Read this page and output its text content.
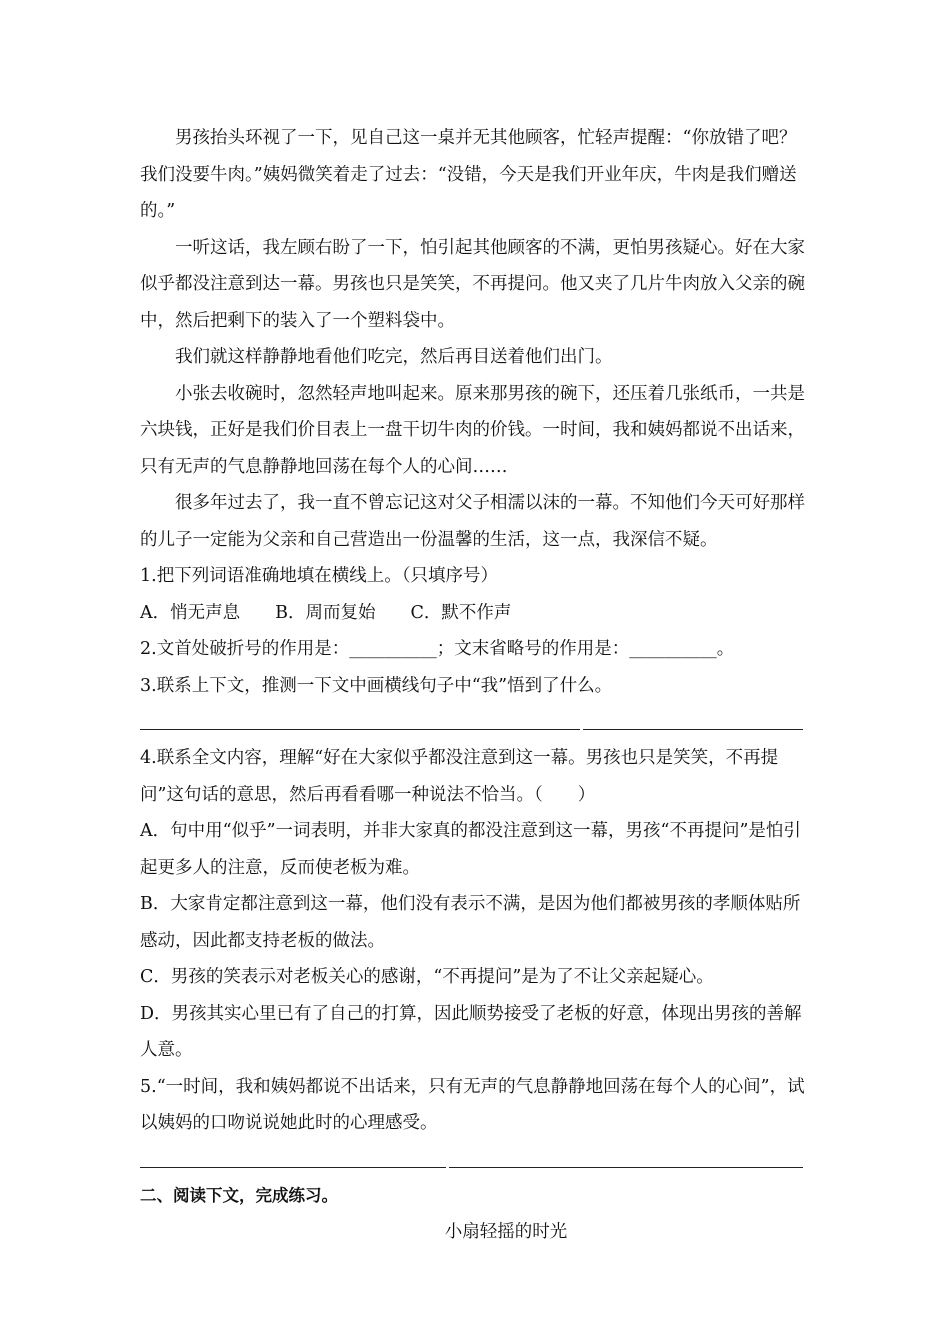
男孩抬头环视了一下，见自己这一桌并无其他顾客，忙轻声提醒：“你放错了吧？我们没要牛肉。”姨妈微笑着走了过去：“没错，今天是我们开业年庆，牛肉是我们赠送的。”

一听这话，我左顾右盼了一下，怕引起其他顾客的不满，更怕男孩疑心。好在大家似乎都没注意到达一幕。男孩也只是笑笑，不再提问。他又夹了几片牛肉放入父亲的碗中，然后把剩下的装入了一个塑料袋中。

我们就这样静静地看他们吃完，然后再目送着他们出门。

小张去收碗时，忽然轻声地叫起来。原来那男孩的碗下，还压着几张纸币，一共是六块钱，正好是我们价目表上一盘干切牛肉的价钱。一时间，我和姨妈都说不出话来，只有无声的气息静静地回荡在每个人的心间……

很多年过去了，我一直不曾忘记这对父子相濡以沫的一幕。不知他们今天可好那样的儿子一定能为父亲和自己营造出一份温馨的生活，这一点，我深信不疑。

1.把下列词语准确地填在横线上。（只填序号）

A．悄无声息　　B．周而复始　　C．默不作声

2.文首处破折号的作用是：__________；文末省略号的作用是：__________。

3.联系上下文，推测一下文中画横线句子中“我”悟到了什么。

4.联系全文内容，理解“好在大家似乎都没注意到这一幕。男孩也只是笑笑，不再提问”这句话的意思，然后再看看哪一种说法不恰当。（　　）

A．句中用“似乎”一词表明，并非大家真的都没注意到这一幕，男孩“不再提问”是怕引起更多人的注意，反而使老板为难。

B．大家肯定都注意到这一幕，他们没有表示不满，是因为他们都被男孩的孝顺体贴所感动，因此都支持老板的做法。

C．男孩的笑表示对老板关心的感谢，“不再提问”是为了不让父亲起疑心。

D．男孩其实心里已有了自己的打算，因此顺势接受了老板的好意，体现出男孩的善解人意。

5.“一时间，我和姨妈都说不出话来，只有无声的气息静静地回荡在每个人的心间”，试以姨妈的口吻说说她此时的心理感受。

二、阅读下文，完成练习。

小扇轻摇的时光
